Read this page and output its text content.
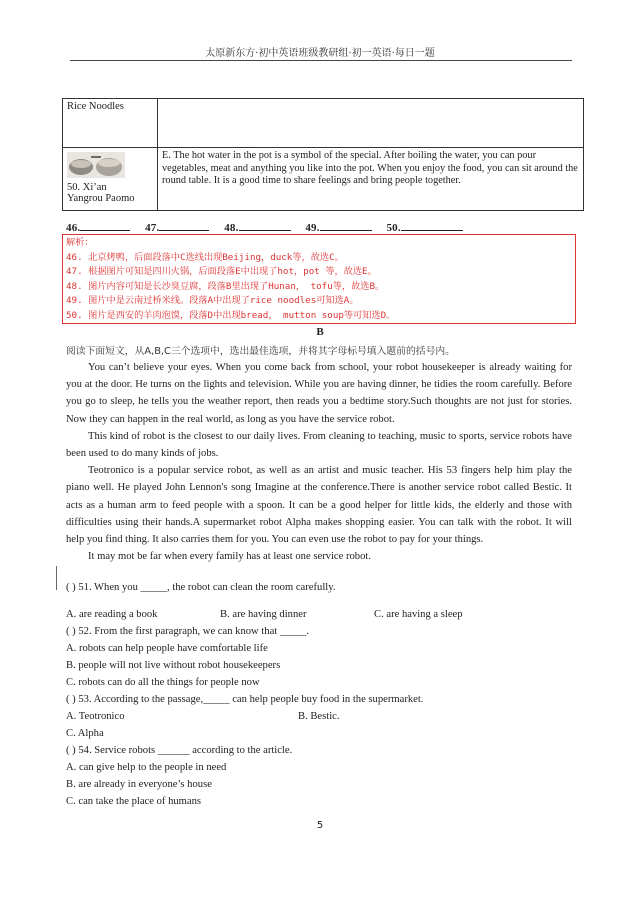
太原新东方·初中英语班级教研组·初一英语·每日一题
Rice Noodles	

50. Xi’an
Yangrou Paomo	E. The hot water in the pot is a symbol of the special. After boiling the water, you can pour vegetables, meat and anything you like into the pot. When you enjoy the food, you can sit around the round table. It is a good time to share feelings and bring people together.
46.	47.	48.	49.	50.
解析：
46. 北京烤鸭，后面段落中C选线出现Beijing，duck等，故选C。
47. 根据图片可知是四川火锅，后面段落E中出现了hot，pot 等，故选E。
48. 图片内容可知是长沙臭豆腐，段落B里出现了Hunan， tofu等，故选B。
49. 图片中是云南过桥米线。段落A中出现了rice noodles可知选A。
50. 图片是西安的羊肉泡馍，段落D中出现bread， mutton soup等可知选D。
B
阅读下面短文，从A,B,C三个选项中，选出最佳选项，并将其字母标号填入题前的括号内。

You can’t believe your eyes. When you come back from school, your robot housekeeper is already waiting for you at the door. He turns on the lights and television. While you are having dinner, he tidies the room carefully. Before you go to sleep, he tells you the weather report, then reads you a bedtime story.Such thoughts are not just for stories. Now they can happen in the real world, as long as you have the service robot.

This kind of robot is the closest to our daily lives. From cleaning to teaching, music to sports, service robots have been used to do many kinds of jobs.

Teotronico is a popular service robot, as well as an artist and music teacher. His 53 fingers help him play the piano well. He played John Lennon's song Imagine at the conference.There is another service robot called Bestic. It acts as a human arm to feed people with a spoon. It can be a good helper for little kids, the elderly and those with difficulties using their hands.A supermarket robot Alpha makes shopping easier. You can talk with the robot. It will help you find thing. It also carries them for you. You can even use the robot to pay for your things.

It may mot be far when every family has at least one service robot.

( ) 51. When you _____, the robot can clean the room carefully.
A. are reading a book	B. are having dinner	C. are having a sleep
( ) 52. From the first paragraph, we can know that _____.
A. robots can help people have comfortable life
B. people will not live without robot housekeepers
C. robots can do all the things for people now
( ) 53. According to the passage,_____ can help people buy food in the supermarket.
A. Teotronico	B. Bestic.
C. Alpha
( ) 54. Service robots ______ according to the article.
A. can give help to the people in need
B. are already in everyone’s house
C. can take the place of humans
5
